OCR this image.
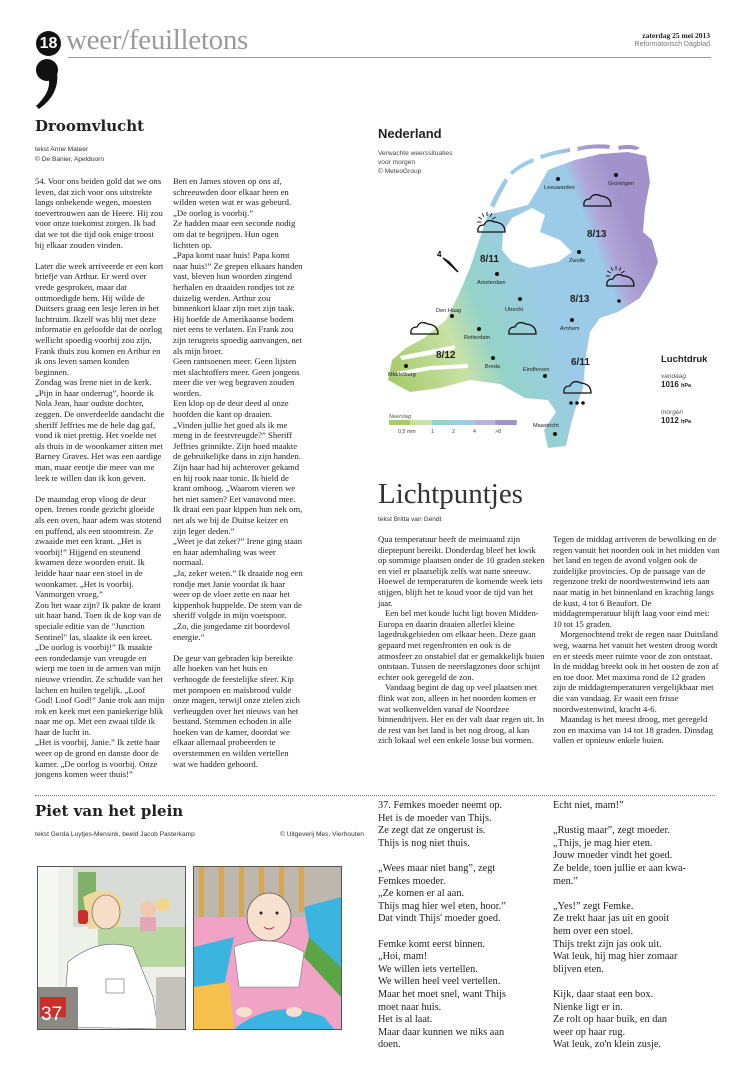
18 weer/feuilletons	zaterdag 25 mei 2013
Reformatorisch Dagblad
Droomvlucht
tekst Anne Mateer
© De Banier, Apeldoorn

54. Voor ons beiden gold dat we ons leven, dat zich voor ons uitstrekte langs onbekende wegen, moesten toevertrouwen aan de Heere. Hij zou voor onze toekomst zorgen. Ik bad dat we tot die tijd ook enige troost bij elkaar zouden vinden.

Later die week arriveerde er een kort briefje van Arthur. Er werd over vrede gesproken, maar dat ontmoedigde hem. Hij wilde de Duitsers graag een lesje leren in het luchtruim. Ikzelf was blij met deze informatie en geloofde dat de oorlog wellicht spoedig voorbij zou zijn, Frank thuis zou komen en Arthur en ik ons leven samen konden beginnen.

Zondag was Irene niet in de kerk. „Pijn in haar onderrug”, hoorde ik Nola Jean, haar oudste dochter, zeggen. De onverdeelde aandacht die sheriff Jeffries me de hele dag gaf, vond ik niet prettig. Het voelde net als thuis in de woonkamer zitten met Barney Graves. Het was een aardige man, maar eentje die meer van me leek te willen dan ik kon geven.

De maandag erop vloog de deur open. Irenes ronde gezicht gloeide als een oven, haar adem was stotend en puffend, als een stoomtrein. Ze zwaaide met een krant. „Het is voorbij!” Hijgend en steunend kwamen deze woorden eruit. Ik leidde haar naar een stoel in de woonkamer. „Het is voorbij. Vanmorgen vroeg.”

Zou het waar zijn? Ik pakte de krant uit haar hand. Toen ik de kop van de speciale editie van de "Junction Sentinel" las, slaakte ik een kreet. „De oorlog is voorbij!” Ik maakte een rondedansje van vreugde en wierp me toen in de armen van mijn nieuwe vriendin. Ze schudde van het lachen en huilen tegelijk. „Loof God! Loof God!” Janie trok aan mijn rok en keek met een paniekerige blik naar me op. Met een zwaai tilde ik haar de lucht in.

„Het is voorbij, Janie.” Ik zette haar weer op de grond en danste door de kamer. „De oorlog is voorbij. Onze jongens komen weer thuis!”

Ben en James stoven op ons af, schreeuwden door elkaar heen en wilden weten wat er was gebeurd. „De oorlog is voorbij.”

Ze hadden maar een seconde nodig om dat te begrijpen. Hun ogen lichtten op.

„Papa komt naar huis! Papa komt naar huis!” Ze grepen elkaars handen vast, bleven hun woorden zingend herhalen en draaiden rondjes tot ze duizelig werden. Arthur zou binnenkort klaar zijn met zijn taak. Hij hoefde de Amerikaanse bodem niet eens te verlaten. En Frank zou zijn terugreis spoedig aanvangen, net als mijn broer.

Geen rantsoenen meer. Geen lijsten met slachtoffers meer. Geen jongens meer die ver weg begraven zouden worden.

Een klop op de deur deed al onze hoofden die kant op draaien. „Vinden jullie het goed als ik me meng in de feestvreugde?” Sheriff Jeffries grinnikte. Zijn hoed maakte de gebruikelijke dans in zijn handen. Zijn haar had hij achterover gekamd en hij rook naar tonic. Ik hield de krant omhoog. „Waarom vieren we het niet samen? Eet vanavond mee. Ik draai een paar kippen hun nek om, net als we bij de Duitse keizer en zijn leger deden.”

„Weet je dat zeker?” Irene ging staan en haar ademhaling was weer normaal.

„Ja, zeker weten.” Ik draaide nog een rondje met Janie voordat ik haar weer op de vloer zette en naar het kippenhok huppelde. De stem van de sheriff volgde in mijn voetspoor. „Zo, die jongedame zit boordevol energie.”

De geur van gebraden kip bereikte alle hoeken van het huis en verhoogde de feestelijke sfeer. Kip met pompoen en maïsbrood vulde onze magen, terwijl onze zielen zich verheugden over het nieuws van het bestand. Stemmen echoden in alle hoeken van de kamer, doordat we elkaar allemaal probeerden te overstemmen en wilden vertellen wat we hadden gehoord.

Nederland
Verwachte weerssituaties
voor morgen
© MeteoGroup
Leeuwarden
Groningen
Zwolle
Amsterdam
Utrecht
Den Haag
Rotterdam
Arnhem
Breda	Eindhoven
Middelburg
Maastricht
8/11
8/13
8/13
8/12
6/11
4
Neerslag
0,5 mm	1	2	4	>8
Luchtdruk
vandaag
1016 hPa
morgen
1012 hPa
Lichtpuntjes
tekst Britta van Gendt

Qua temperatuur heeft de meimaand zijn dieptepunt bereikt. Donderdag bleef het kwik op sommige plaatsen onder de 10 graden steken en viel er plaatselijk zelfs wat natte sneeuw. Hoewel de temperaturen de komende week iets stijgen, blijft het te koud voor de tijd van het jaar.

Een bel met koude lucht ligt boven Midden-Europa en daarin draaien allerlei kleine lagedrukgebieden om elkaar heen. Deze gaan gepaard met regenfronten en ook is de atmosfeer zo onstabiel dat er gemakkelijk buien ontstaan. Tussen de neerslagzones door schijnt echter ook geregeld de zon.

Vandaag begint de dag op veel plaatsen met flink wat zon, alleen in het noorden komen er wat wolkenvelden vanaf de Noordzee binnendrijven. Her en der valt daar regen uit. In de rest van het land is het nog droog, al kan zich lokaal wel een enkele losse bui vormen. Tegen de middag arriveren de bewolking en de regen vanuit het noorden ook in het midden van het land en tegen de avond volgen ook de zuidelijke provincies. Op de passage van de regenzone trekt de noordwestenwind iets aan naar matig in het binnenland en krachtig langs de kust, 4 tot 6 Beaufort. De middagtemperatuur blijft laag voor eind mei: 10 tot 15 graden.

Morgenochtend trekt de regen naar Duitsland weg, waarna het vanuit het westen droog wordt en er steeds meer ruimte voor de zon ontstaat. In de middag breekt ook in het oosten de zon af en toe door. Met maxima rond de 12 graden zijn de middagtemperaturen vergelijkbaar met die van vandaag. Er waait een frisse noordwestenwind, kracht 4-6.

Maandag is het meest droog, met geregeld zon en maxima van 14 tot 18 graden. Dinsdag vallen er opnieuw enkele buien.

Piet van het plein
tekst Gerda Luytjes-Mensink, beeld Jacob Pasterkamp	© Uitgeverij Mes, Vierhouten
37
37. Femkes moeder neemt op.
Het is de moeder van Thijs.
Ze zegt dat ze ongerust is.
Thijs is nog niet thuis.
„Wees maar niet bang”, zegt
Femkes moeder.
„Ze komen er al aan.
Thijs mag hier wel eten, hoor.”
Dat vindt Thijs' moeder goed.
Femke komt eerst binnen.
„Hoi, mam!
We willen iets vertellen.
We willen heel veel vertellen.
Maar het moet snel, want Thijs
moet naar huis.
Het is al laat.
Maar daar kunnen we niks aan
doen.
Echt niet, mam!”
„Rustig maar”, zegt moeder.
„Thijs, je mag hier eten.
Jouw moeder vindt het goed.
Ze belde, toen jullie er aan kwa-
men.”
„Yes!” zegt Femke.
Ze trekt haar jas uit en gooit
hem over een stoel.
Thijs trekt zijn jas ook uit.
Wat leuk, hij mag hier zomaar
blijven eten.
Kijk, daar staat een box.
Nienke ligt er in.
Ze rolt op haar buik, en dan
weer op haar rug.
Wat leuk, zo'n klein zusje.
